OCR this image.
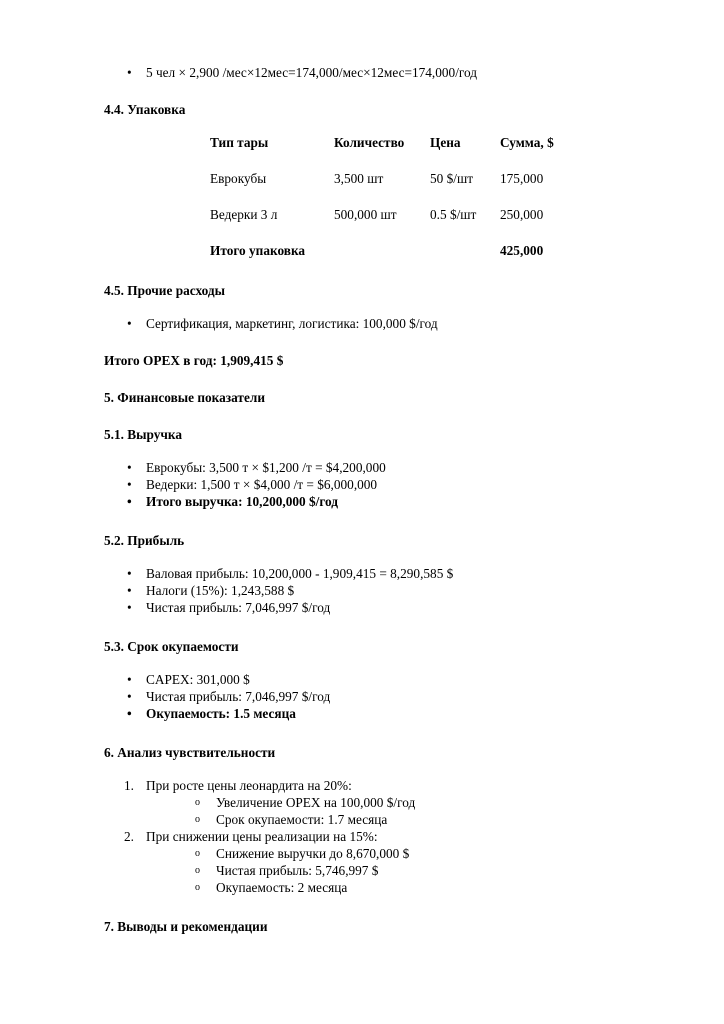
• 5 чел × 2,900 /мес×12мес=174,000/мес×12мес=174,000/год
4.4. Упаковка
Тип тары	Количество	Цена	Сумма, $
Еврокубы	3,500 шт	50 $/шт	175,000
Ведерки 3 л	500,000 шт	0.5 $/шт	250,000
Итого упаковка			425,000
4.5. Прочие расходы
• Сертификация, маркетинг, логистика: 100,000 $/год

Итого OPEX в год: 1,909,415 $

5. Финансовые показатели
5.1. Выручка
• Еврокубы: 3,500 т × $1,200 /т = $4,200,000
• Ведерки: 1,500 т × $4,000 /т = $6,000,000
• Итого выручка: 10,200,000 $/год
5.2. Прибыль
• Валовая прибыль: 10,200,000 - 1,909,415 = 8,290,585 $
• Налоги (15%): 1,243,588 $
• Чистая прибыль: 7,046,997 $/год
5.3. Срок окупаемости
• CAPEX: 301,000 $
• Чистая прибыль: 7,046,997 $/год
• Окупаемость: 1.5 месяца
6. Анализ чувствительности
1. При росте цены леонардита на 20%:
o Увеличение OPEX на 100,000 $/год
o Срок окупаемости: 1.7 месяца
2. При снижении цены реализации на 15%:
o Снижение выручки до 8,670,000 $
o Чистая прибыль: 5,746,997 $
o Окупаемость: 2 месяца
7. Выводы и рекомендации
